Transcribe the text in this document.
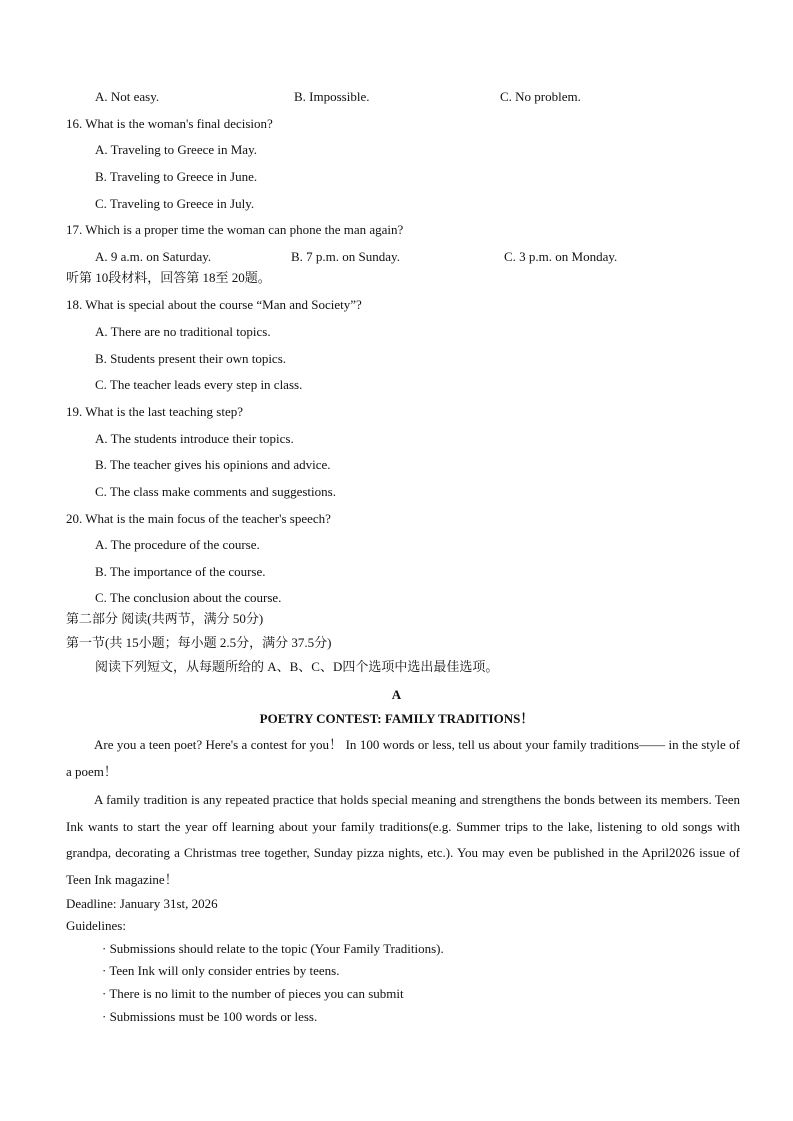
A. Not easy.	B. Impossible.	C. No problem.
16. What is the woman's final decision?
A. Traveling to Greece in May.
B. Traveling to Greece in June.
C. Traveling to Greece in July.
17. Which is a proper time the woman can phone the man again?
A. 9 a.m. on Saturday.	B. 7 p.m. on Sunday.	C. 3 p.m. on Monday.
听第 10段材料，回答第 18至 20题。
18. What is special about the course “Man and Society”?
A. There are no traditional topics.
B. Students present their own topics.
C. The teacher leads every step in class.
19. What is the last teaching step?
A. The students introduce their topics.
B. The teacher gives his opinions and advice.
C. The class make comments and suggestions.
20. What is the main focus of the teacher's speech?
A. The procedure of the course.
B. The importance of the course.
C. The conclusion about the course.
第二部分 阅读(共两节，满分 50分)
第一节(共 15小题；每小题 2.5分，满分 37.5分)
阅读下列短文，从每题所给的 A、B、C、D四个选项中选出最佳选项。
A
POETRY CONTEST: FAMILY TRADITIONS！
Are you a teen poet? Here's a contest for you！ In 100 words or less, tell us about your family traditions—— in the style of a poem！
A family tradition is any repeated practice that holds special meaning and strengthens the bonds between its members. Teen Ink wants to start the year off learning about your family traditions(e.g. Summer trips to the lake, listening to old songs with grandpa, decorating a Christmas tree together, Sunday pizza nights, etc.). You may even be published in the April2026 issue of Teen Ink magazine！
Deadline: January 31st, 2026
Guidelines:
· Submissions should relate to the topic (Your Family Traditions).
· Teen Ink will only consider entries by teens.
· There is no limit to the number of pieces you can submit
· Submissions must be 100 words or less.
